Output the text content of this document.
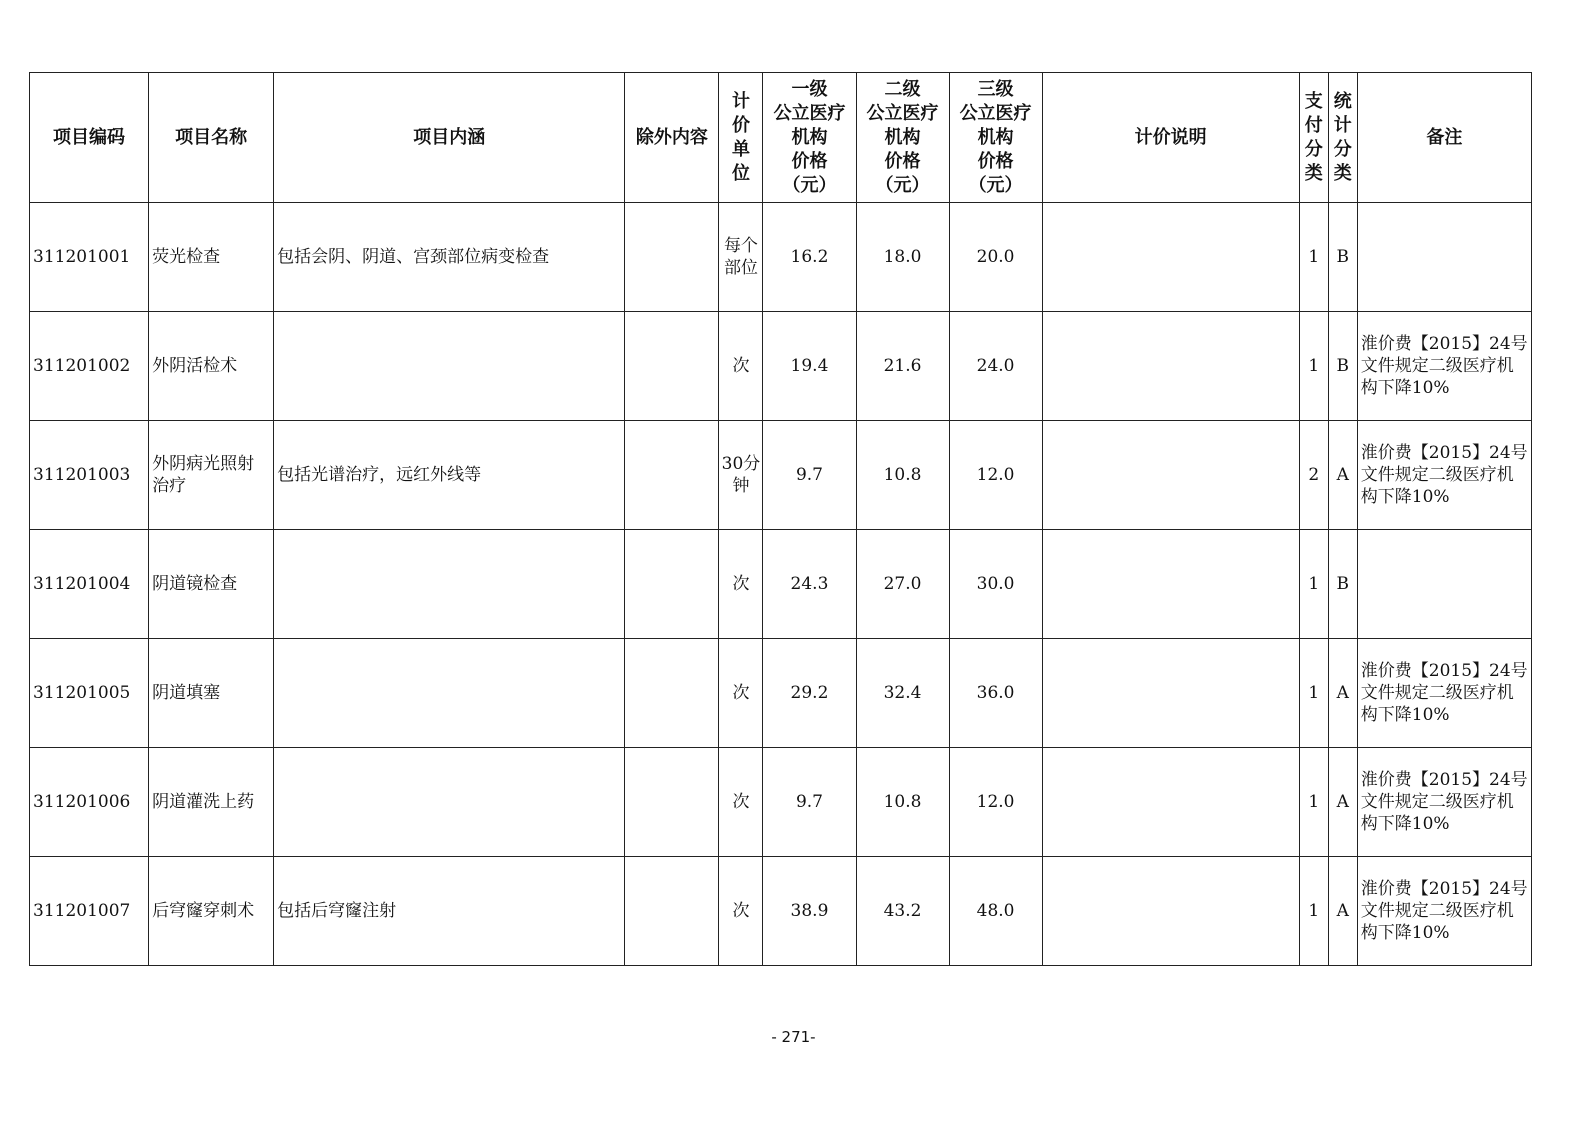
项目编码	项目名称	项目内涵	除外内容	计
价
单
位	一级
公立医疗
机构
价格
（元）	二级
公立医疗
机构
价格
（元）	三级
公立医疗
机构
价格
（元）	计价说明	支
付
分
类	统
计
分
类	备注
311201001	荧光检查	包括会阴、阴道、宫颈部位病变检查		每个
部位	16.2	18.0	20.0		1	B	
311201002	外阴活检术			次	19.4	21.6	24.0		1	B	淮价费【2015】24号文件规定二级医疗机构下降10%
311201003	外阴病光照射治疗	包括光谱治疗，远红外线等		30分
钟	9.7	10.8	12.0		2	A	淮价费【2015】24号文件规定二级医疗机构下降10%
311201004	阴道镜检查			次	24.3	27.0	30.0		1	B	
311201005	阴道填塞			次	29.2	32.4	36.0		1	A	淮价费【2015】24号文件规定二级医疗机构下降10%
311201006	阴道灌洗上药			次	9.7	10.8	12.0		1	A	淮价费【2015】24号文件规定二级医疗机构下降10%
311201007	后穹窿穿刺术	包括后穹窿注射		次	38.9	43.2	48.0		1	A	淮价费【2015】24号文件规定二级医疗机构下降10%
- 271-
